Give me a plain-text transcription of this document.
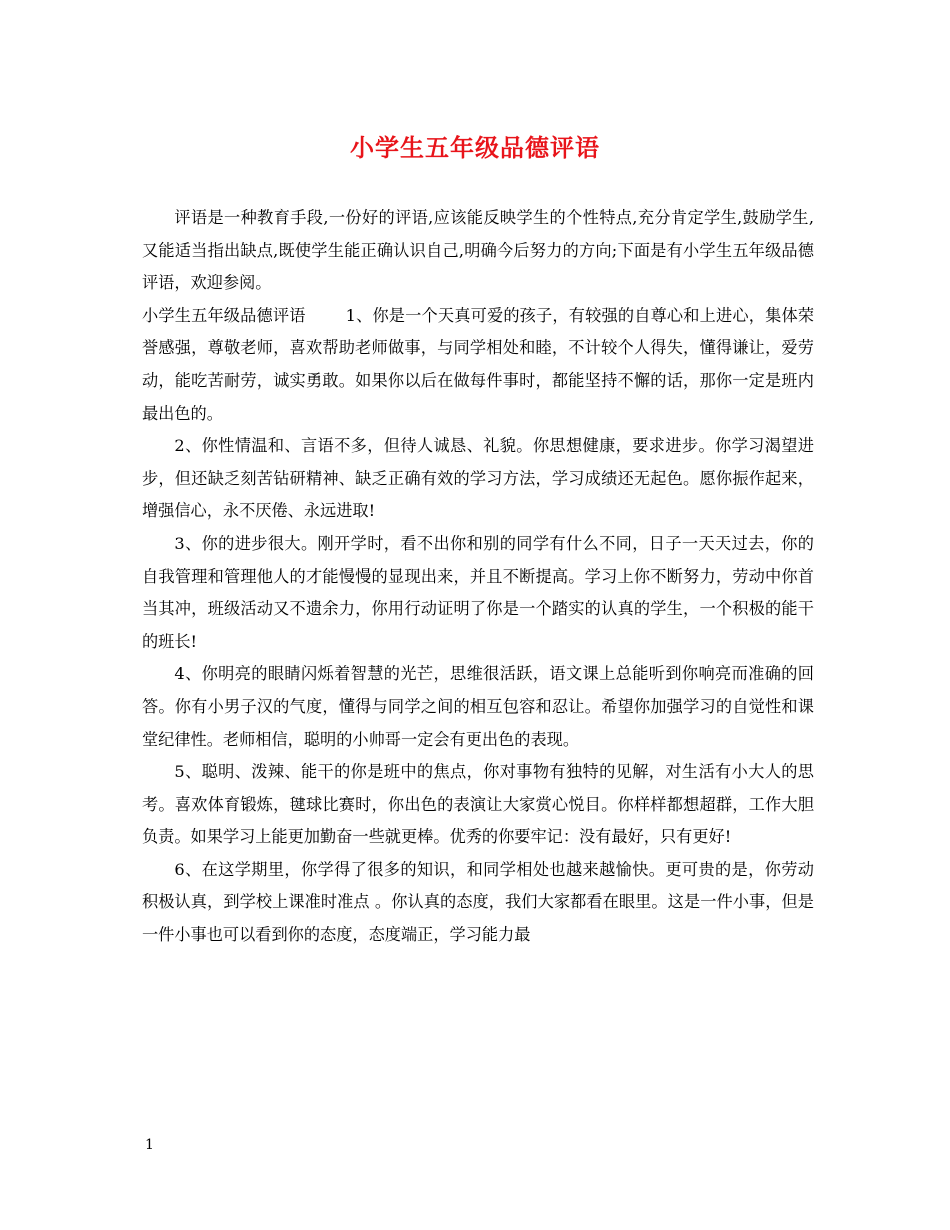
小学生五年级品德评语

评语是一种教育手段,一份好的评语,应该能反映学生的个性特点,充分肯定学生,鼓励学生,又能适当指出缺点,既使学生能正确认识自己,明确今后努力的方向;下面是有小学生五年级品德评语，欢迎参阅。

小学生五年级品德评语 1、你是一个天真可爱的孩子，有较强的自尊心和上进心，集体荣誉感强，尊敬老师，喜欢帮助老师做事，与同学相处和睦，不计较个人得失，懂得谦让，爱劳动，能吃苦耐劳，诚实勇敢。如果你以后在做每件事时，都能坚持不懈的话，那你一定是班内最出色的。

2、你性情温和、言语不多，但待人诚恳、礼貌。你思想健康，要求进步。你学习渴望进步，但还缺乏刻苦钻研精神、缺乏正确有效的学习方法，学习成绩还无起色。愿你振作起来，增强信心，永不厌倦、永远进取!

3、你的进步很大。刚开学时，看不出你和别的同学有什么不同，日子一天天过去，你的自我管理和管理他人的才能慢慢的显现出来，并且不断提高。学习上你不断努力，劳动中你首当其冲，班级活动又不遗余力，你用行动证明了你是一个踏实的认真的学生，一个积极的能干的班长!

4、你明亮的眼睛闪烁着智慧的光芒，思维很活跃，语文课上总能听到你响亮而准确的回答。你有小男子汉的气度，懂得与同学之间的相互包容和忍让。希望你加强学习的自觉性和课堂纪律性。老师相信，聪明的小帅哥一定会有更出色的表现。

5、聪明、泼辣、能干的你是班中的焦点，你对事物有独特的见解，对生活有小大人的思考。喜欢体育锻炼，毽球比赛时，你出色的表演让大家赏心悦目。你样样都想超群，工作大胆负责。如果学习上能更加勤奋一些就更棒。优秀的你要牢记：没有最好，只有更好!

6、在这学期里，你学得了很多的知识，和同学相处也越来越愉快。更可贵的是，你劳动积极认真，到学校上课准时准点 。你认真的态度，我们大家都看在眼里。这是一件小事，但是一件小事也可以看到你的态度，态度端正，学习能力最

1
